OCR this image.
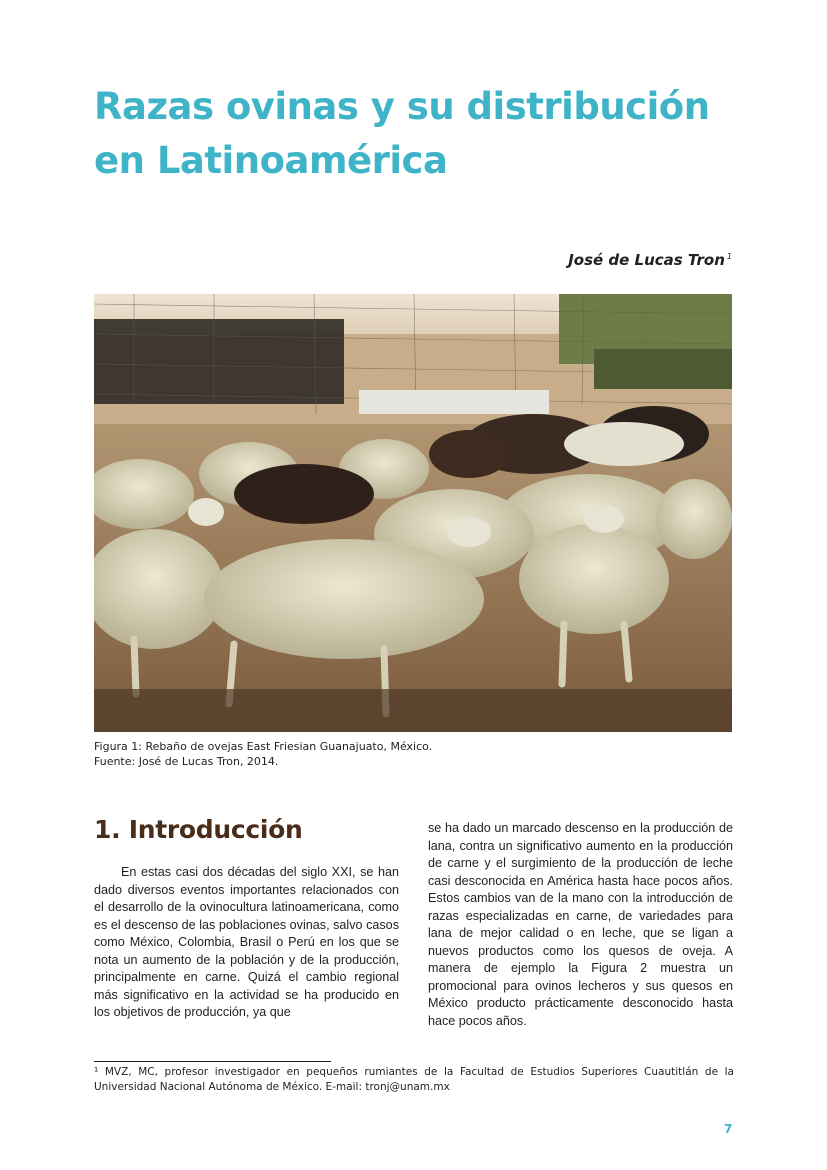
Razas ovinas y su distribución en Latinoamérica
José de Lucas Tron $^1$
Figura 1: Rebaño de ovejas East Friesian Guanajuato, México.
Fuente: José de Lucas Tron, 2014.
1. Introducción

En estas casi dos décadas del siglo XXI, se han dado diversos eventos importantes relacionados con el desarrollo de la ovinocultura latinoamericana, como es el descenso de las poblaciones ovinas, salvo casos como México, Colombia, Brasil o Perú en los que se nota un aumento de la población y de la producción, principalmente en carne. Quizá el cambio regional más significativo en la actividad se ha producido en los objetivos de producción, ya que

se ha dado un marcado descenso en la producción de lana, contra un significativo aumento en la producción de carne y el surgimiento de la producción de leche casi desconocida en América hasta hace pocos años. Estos cambios van de la mano con la introducción de razas especializadas en carne, de variedades para lana de mejor calidad o en leche, que se ligan a nuevos productos como los quesos de oveja. A manera de ejemplo la Figura 2 muestra un promocional para ovinos lecheros y sus quesos en México producto prácticamente desconocido hasta hace pocos años.

¹ MVZ, MC, profesor investigador en pequeños rumiantes de la Facultad de Estudios Superiores Cuautitlán de la Universidad Nacional Autónoma de México. E-mail: tronj@unam.mx

7
